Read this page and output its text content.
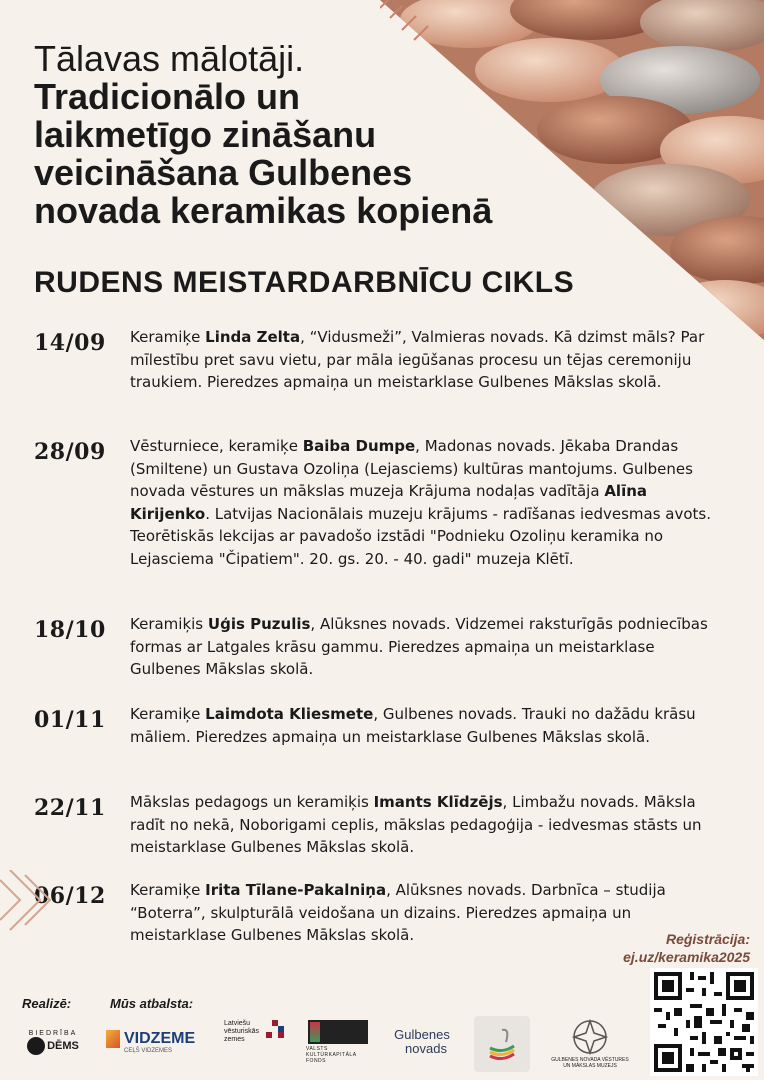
Tālavas mālotāji.
Tradicionālo un
laikmetīgo zināšanu
veicināšana Gulbenes
novada keramikas kopienā
RUDENS MEISTARDARBNĪCU CIKLS
14/09	Keramiķe Linda Zelta, “Vidusmeži”, Valmieras novads. Kā dzimst māls? Par mīlestību pret savu vietu, par māla iegūšanas procesu un tējas ceremoniju traukiem. Pieredzes apmaiņa un meistarklase Gulbenes Mākslas skolā.
28/09	Vēsturniece, keramiķe Baiba Dumpe, Madonas novads. Jēkaba Drandas (Smiltene) un Gustava Ozoliņa (Lejasciems) kultūras mantojums. Gulbenes novada vēstures un mākslas muzeja Krājuma nodaļas vadītāja Alīna Kirijenko. Latvijas Nacionālais muzeju krājums - radīšanas iedvesmas avots. Teorētiskās lekcijas ar pavadošo izstādi "Podnieku Ozoliņu keramika no Lejasciema "Čipatiem". 20. gs. 20. - 40. gadi" muzeja Klētī.
18/10	Keramiķis Uģis Puzulis, Alūksnes novads. Vidzemei raksturīgās podniecības formas ar Latgales krāsu gammu. Pieredzes apmaiņa un meistarklase Gulbenes Mākslas skolā.
01/11	Keramiķe Laimdota Kliesmete, Gulbenes novads. Trauki no dažādu krāsu māliem. Pieredzes apmaiņa un meistarklase Gulbenes Mākslas skolā.
22/11	Mākslas pedagogs un keramiķis Imants Klīdzējs, Limbažu novads. Māksla radīt no nekā, Noborigami ceplis, mākslas pedagoģija - iedvesmas stāsts un meistarklase Gulbenes Mākslas skolā.
06/12	Keramiķe Irita Tīlane-Pakalniņa, Alūksnes novads. Darbnīca – studija “Boterra”, skulpturālā veidošana un dizains. Pieredzes apmaiņa un meistarklase Gulbenes Mākslas skolā.	Reģistrācija:
ej.uz/keramika2025
Realizē:	Mūs atbalsta:
BIEDRĪBA
DĒMS	VIDZEME
CEĻŠ VIDZEMES
Latviešu vēsturiskās zemes
VALSTS KULTŪRKAPITĀLA FONDS
Gulbenes
novads
GULBENES NOVADA VĒSTURES UN MĀKSLAS MUZEJS
